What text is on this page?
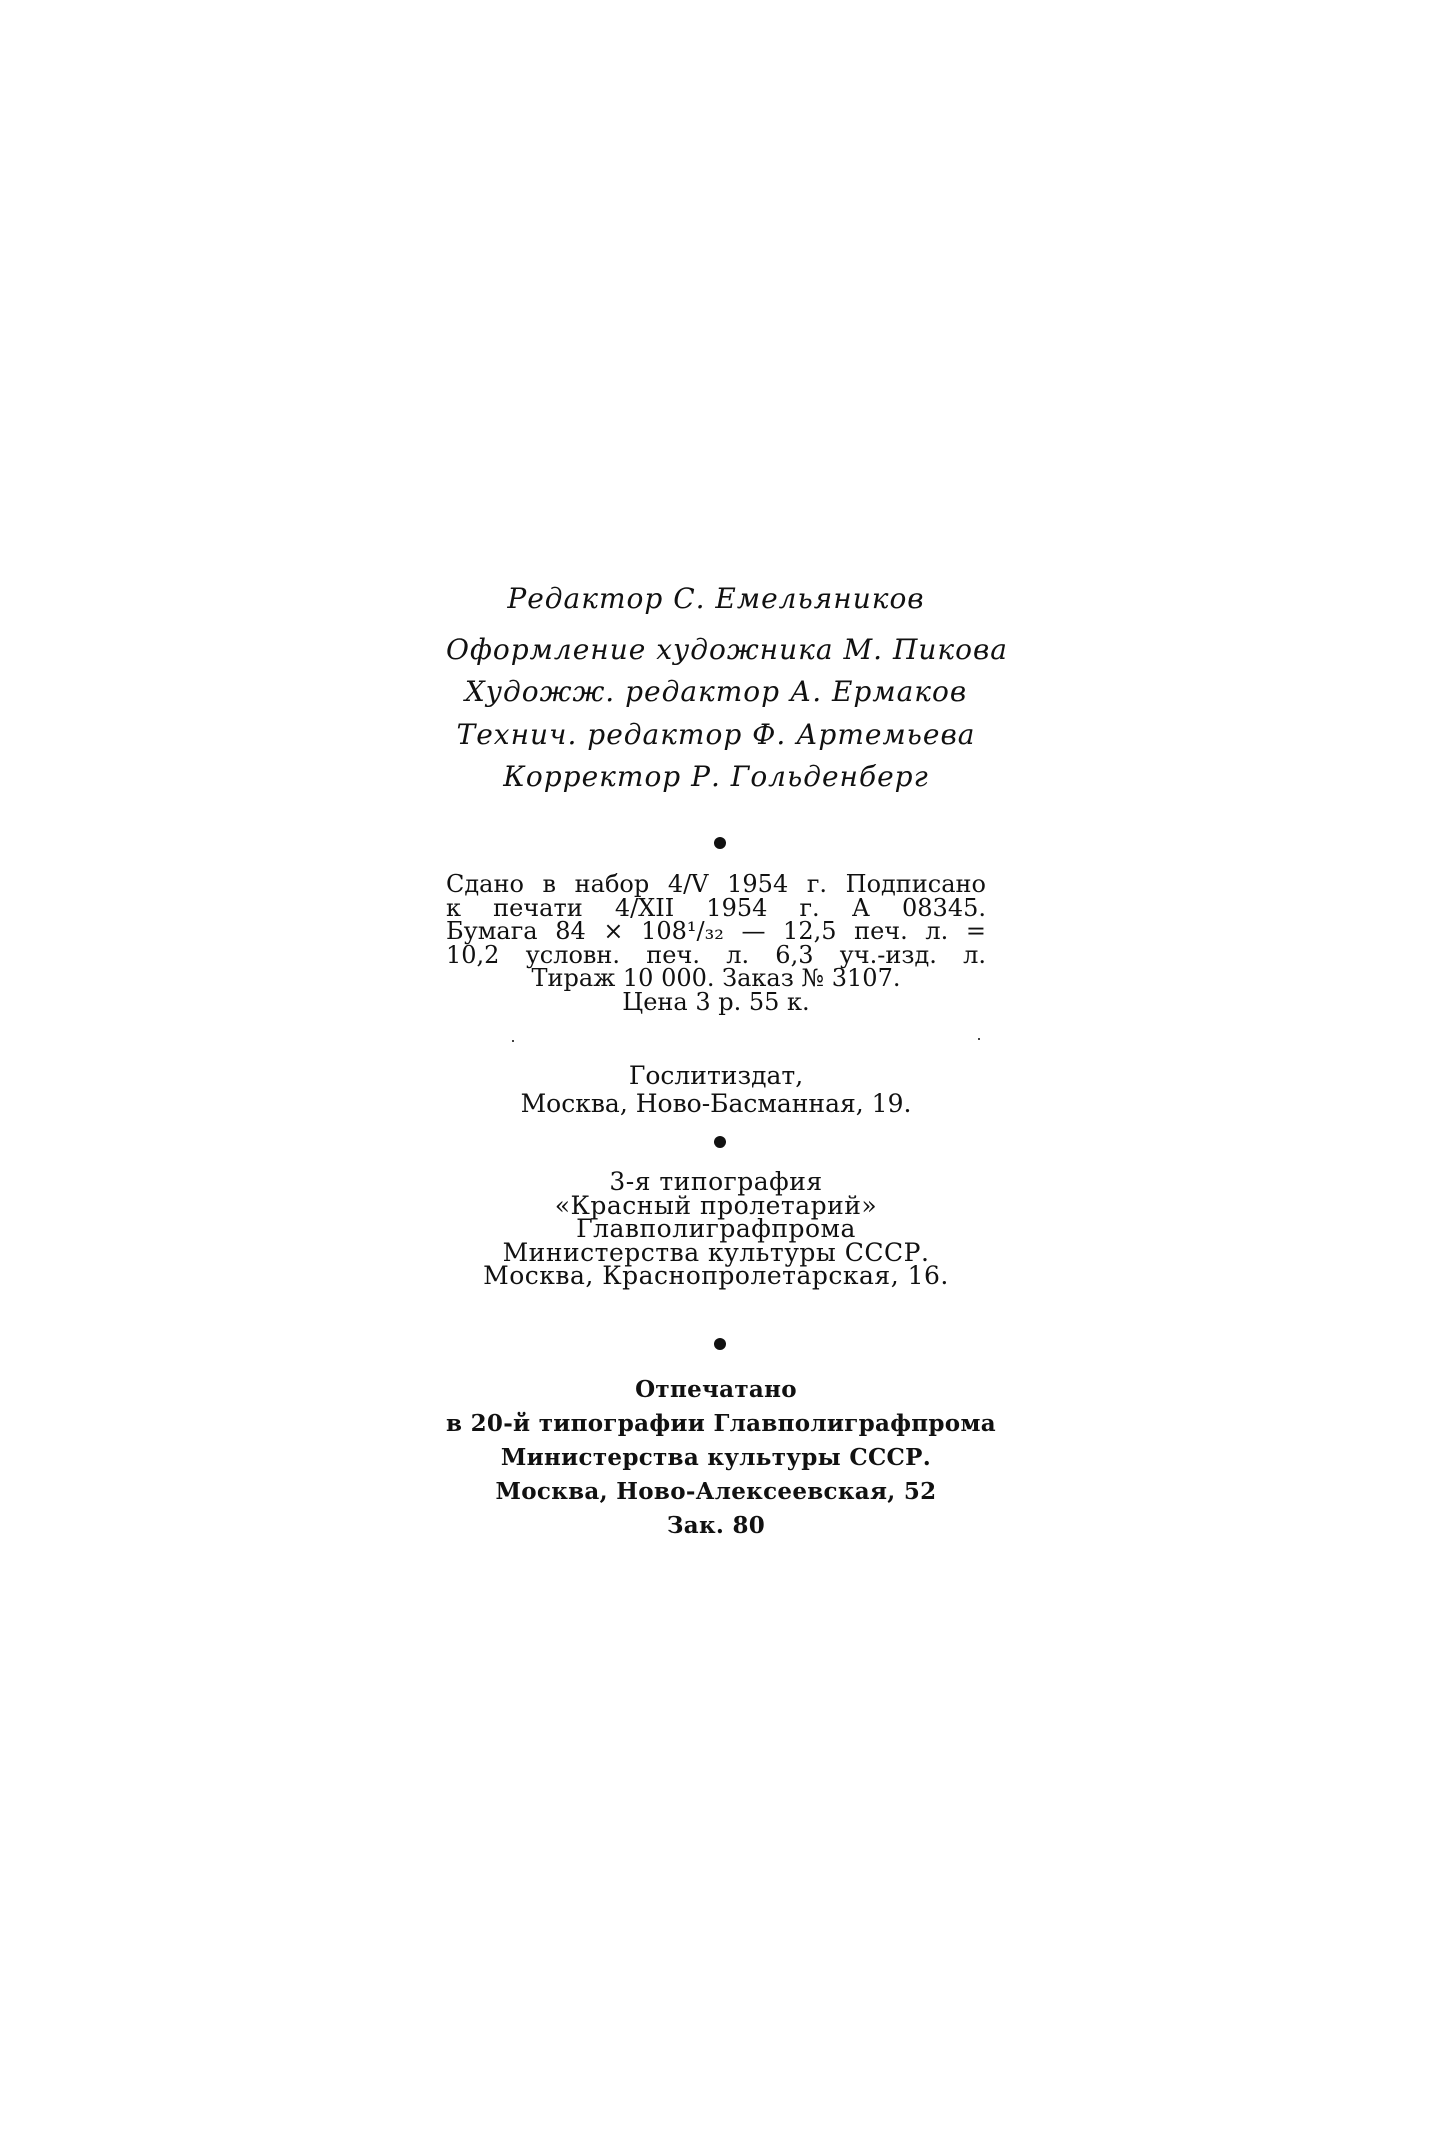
Редактор С. Емельяников
Оформление художника М. Пикова
Художж. редактор А. Ермаков
Технич. редактор Ф. Артемьева
Корректор Р. Гольденберг
Сдано в набор 4/V 1954 г. Подписано
к печати 4/XII 1954 г. А 08345.
Бумага 84 × 108¹/₃₂ — 12,5 печ. л. =
10,2 условн. печ. л. 6,3 уч.-изд. л.
Тираж 10 000. Заказ № 3107.
Цена 3 р. 55 к.
Гослитиздат,
Москва, Ново-Басманная, 19.
3-я типография
«Красный пролетарий»
Главполиграфпрома
Министерства культуры СССР.
Москва, Краснопролетарская, 16.
Отпечатано
в 20-й типографии Главполиграфпрома
Министерства культуры СССР.
Москва, Ново-Алексеевская, 52
Зак. 80
